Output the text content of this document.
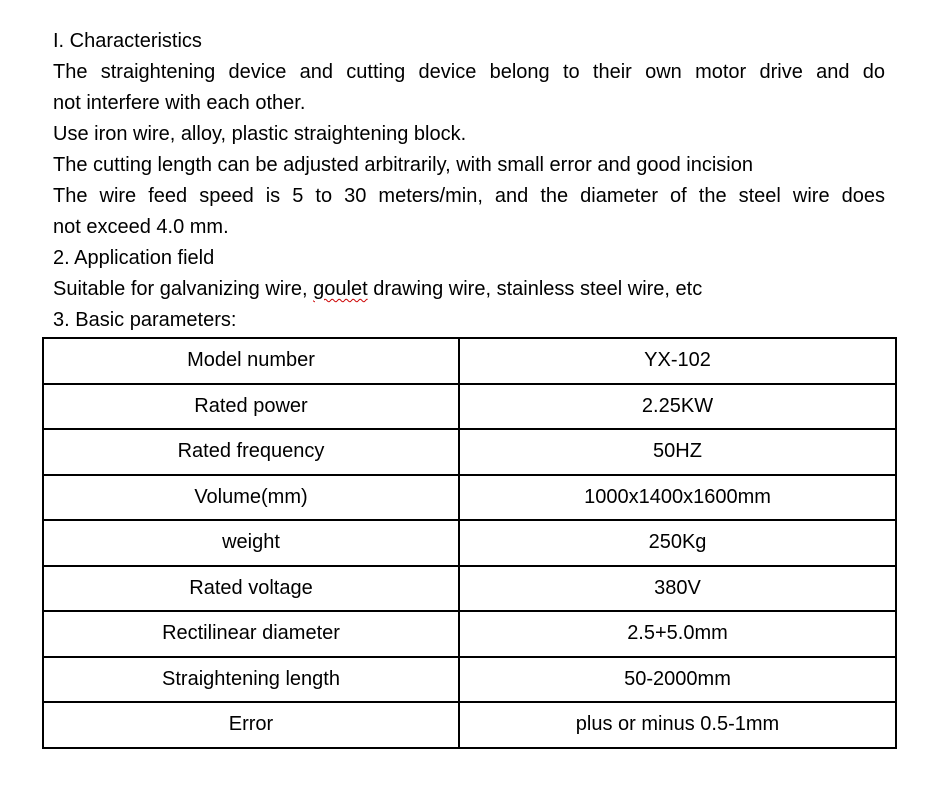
I. Characteristics
The straightening device and cutting device belong to their own motor drive and do
not interfere with each other.
Use iron wire, alloy, plastic straightening block.
The cutting length can be adjusted arbitrarily, with small error and good incision
The wire feed speed is 5 to 30 meters/min, and the diameter of the steel wire does
not exceed 4.0 mm.
2. Application field
Suitable for galvanizing wire, goulet drawing wire, stainless steel wire, etc
3. Basic parameters:
Model number	YX-102
Rated power	2.25KW
Rated frequency	50HZ
Volume(mm)	1000x1400x1600mm
weight	250Kg
Rated voltage	380V
Rectilinear diameter	2.5+5.0mm
Straightening length	50-2000mm
Error	plus or minus 0.5-1mm
